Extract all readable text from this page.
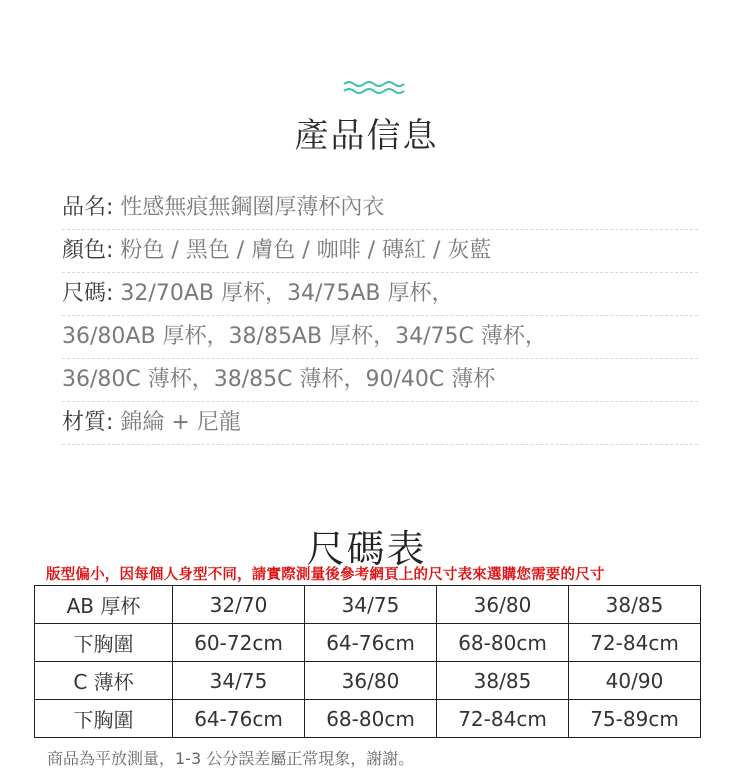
產品信息
品名: 性感無痕無鋼圈厚薄杯內衣
顏色: 粉色 / 黑色 / 膚色 / 咖啡 / 磚紅 / 灰藍
尺碼: 32/70AB 厚杯，34/75AB 厚杯，
36/80AB 厚杯，38/85AB 厚杯，34/75C 薄杯，
36/80C 薄杯，38/85C 薄杯，90/40C 薄杯
材質: 錦綸 + 尼龍
尺碼表
版型偏小，因每個人身型不同，請實際測量後參考網頁上的尺寸表來選購您需要的尺寸
AB 厚杯	32/70	34/75	36/80	38/85
下胸圍	60-72cm	64-76cm	68-80cm	72-84cm
C 薄杯	34/75	36/80	38/85	40/90
下胸圍	64-76cm	68-80cm	72-84cm	75-89cm
商品為平放測量，1-3 公分誤差屬正常現象，謝謝。
